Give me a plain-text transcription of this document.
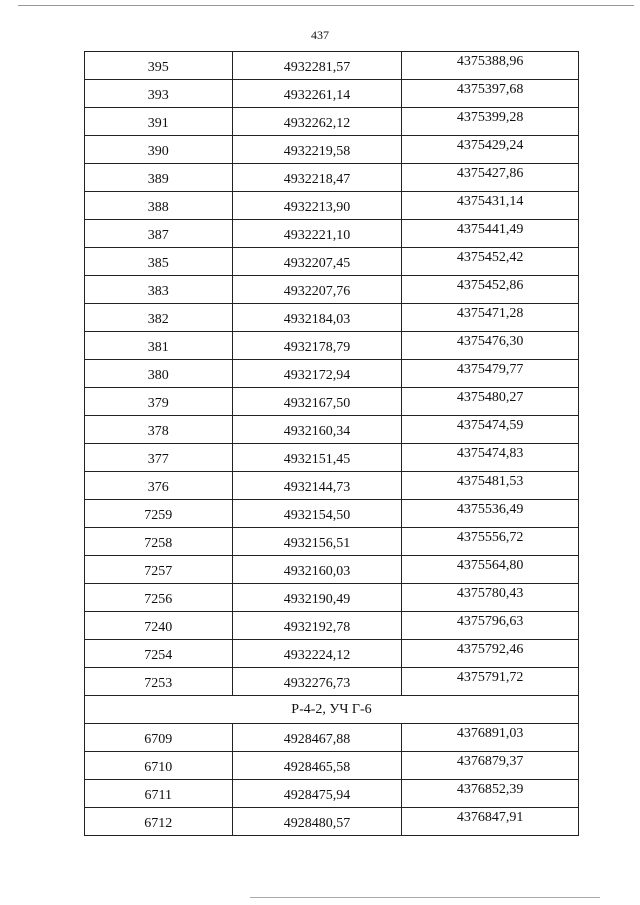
437
395	4932281,57	4375388,96
393	4932261,14	4375397,68
391	4932262,12	4375399,28
390	4932219,58	4375429,24
389	4932218,47	4375427,86
388	4932213,90	4375431,14
387	4932221,10	4375441,49
385	4932207,45	4375452,42
383	4932207,76	4375452,86
382	4932184,03	4375471,28
381	4932178,79	4375476,30
380	4932172,94	4375479,77
379	4932167,50	4375480,27
378	4932160,34	4375474,59
377	4932151,45	4375474,83
376	4932144,73	4375481,53
7259	4932154,50	4375536,49
7258	4932156,51	4375556,72
7257	4932160,03	4375564,80
7256	4932190,49	4375780,43
7240	4932192,78	4375796,63
7254	4932224,12	4375792,46
7253	4932276,73	4375791,72
Р-4-2, УЧ Г-6		
6709	4928467,88	4376891,03
6710	4928465,58	4376879,37
6711	4928475,94	4376852,39
6712	4928480,57	4376847,91
